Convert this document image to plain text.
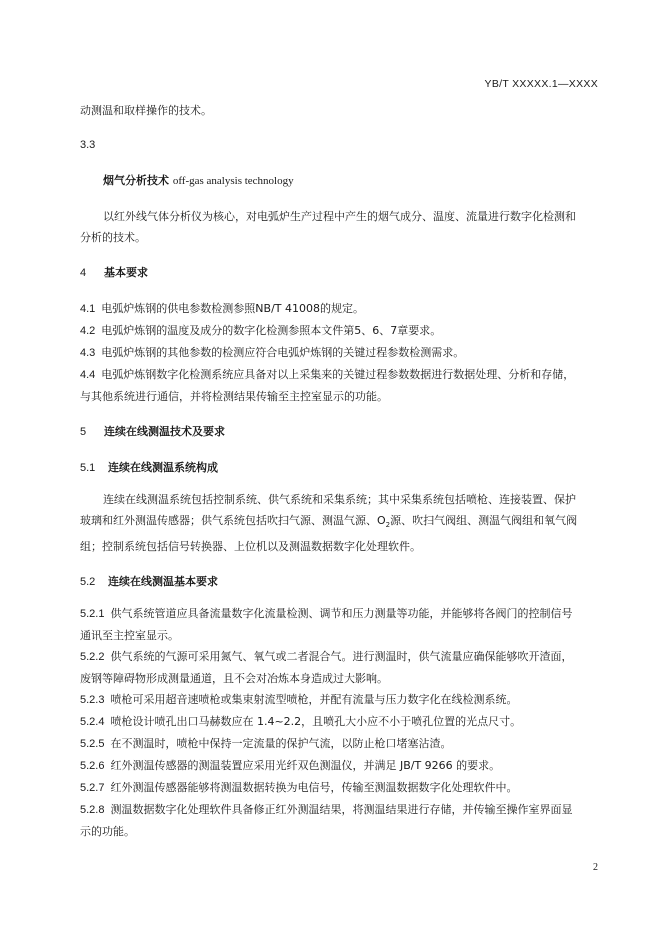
YB/T XXXXX.1—XXXX

动测温和取样操作的技术。

3.3

烟气分析技术 off-gas analysis technology

以红外线气体分析仪为核心，对电弧炉生产过程中产生的烟气成分、温度、流量进行数字化检测和分析的技术。

4 基本要求

4.1 电弧炉炼钢的供电参数检测参照NB/T 41008的规定。

4.2 电弧炉炼钢的温度及成分的数字化检测参照本文件第5、6、7章要求。

4.3 电弧炉炼钢的其他参数的检测应符合电弧炉炼钢的关键过程参数检测需求。

4.4 电弧炉炼钢数字化检测系统应具备对以上采集来的关键过程参数数据进行数据处理、分析和存储，与其他系统进行通信，并将检测结果传输至主控室显示的功能。

5 连续在线测温技术及要求

5.1 连续在线测温系统构成

连续在线测温系统包括控制系统、供气系统和采集系统；其中采集系统包括喷枪、连接装置、保护玻璃和红外测温传感器；供气系统包括吹扫气源、测温气源、$O_2$源、吹扫气阀组、测温气阀组和氧气阀组；控制系统包括信号转换器、上位机以及测温数据数字化处理软件。

5.2 连续在线测温基本要求

5.2.1 供气系统管道应具备流量数字化流量检测、调节和压力测量等功能，并能够将各阀门的控制信号通讯至主控室显示。

5.2.2 供气系统的气源可采用氮气、氧气或二者混合气。进行测温时，供气流量应确保能够吹开渣面，废钢等障碍物形成测量通道，且不会对冶炼本身造成过大影响。

5.2.3 喷枪可采用超音速喷枪或集束射流型喷枪，并配有流量与压力数字化在线检测系统。

5.2.4 喷枪设计喷孔出口马赫数应在 1.4~2.2，且喷孔大小应不小于喷孔位置的光点尺寸。

5.2.5 在不测温时，喷枪中保持一定流量的保护气流，以防止枪口堵塞沾渣。

5.2.6 红外测温传感器的测温装置应采用光纤双色测温仪，并满足 JB/T 9266 的要求。

5.2.7 红外测温传感器能够将测温数据转换为电信号，传输至测温数据数字化处理软件中。

5.2.8 测温数据数字化处理软件具备修正红外测温结果，将测温结果进行存储，并传输至操作室界面显示的功能。

2
